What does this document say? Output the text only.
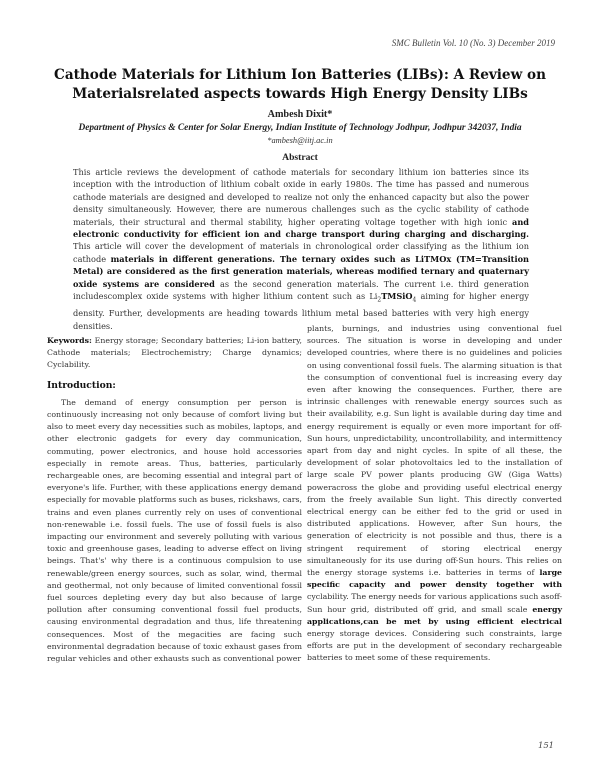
SMC Bulletin Vol. 10 (No. 3) December 2019
Cathode Materials for Lithium Ion Batteries (LIBs): A Review on
Materialsrelated aspects towards High Energy Density LIBs
Ambesh Dixit*
Department of Physics & Center for Solar Energy, Indian Institute of Technology Jodhpur, Jodhpur 342037, India
*ambesh@iitj.ac.in
Abstract
This article reviews the development of cathode materials for secondary lithium ion batteries since its inception with the introduction of lithium cobalt oxide in early 1980s. The time has passed and numerous cathode materials are designed and developed to realize not only the enhanced capacity but also the power density simultaneously. However, there are numerous challenges such as the cyclic stability of cathode materials, their structural and thermal stability, higher operating voltage together with high ionic and electronic conductivity for efficient ion and charge transport during charging and discharging. This article will cover the development of materials in chronological order classifying as the lithium ion cathode materials in different generations. The ternary oxides such as LiTMOx (TM=Transition Metal) are considered as the first generation materials, whereas modified ternary and quaternary oxide systems are considered as the second generation materials. The current i.e. third generation includescomplex oxide systems with higher lithium content such as $Li_2TMSiO_4$ aiming for higher energy density. Further, developments are heading towards lithium metal based batteries with very high energy densities.

Keywords: Energy storage; Secondary batteries; Li-ion battery, Cathode materials; Electrochemistry; Charge dynamics; Cyclability.

Introduction:

The demand of energy consumption per person is continuously increasing not only because of comfort living but also to meet every day necessities such as mobiles, laptops, and other electronic gadgets for every day communication, commuting, power electronics, and house hold accessories especially in remote areas. Thus, batteries, particularly rechargeable ones, are becoming essential and integral part of everyone's life. Further, with these applications energy demand especially for movable platforms such as buses, rickshaws, cars, trains and even planes currently rely on uses of conventional non-renewable i.e. fossil fuels. The use of fossil fuels is also impacting our environment and severely polluting with various toxic and greenhouse gases, leading to adverse effect on living beings. That's' why there is a continuous compulsion to use renewable/green energy sources, such as solar, wind, thermal and geothermal, not only because of limited conventional fossil fuel sources depleting every day but also because of large pollution after consuming conventional fossil fuel products, causing environmental degradation and thus, life threatening consequences. Most of the megacities are facing such environmental degradation because of toxic exhaust gases from regular vehicles and other exhausts such as conventional power

plants, burnings, and industries using conventional fuel sources. The situation is worse in developing and under developed countries, where there is no guidelines and policies on using conventional fossil fuels. The alarming situation is that the consumption of conventional fuel is increasing every day even after knowing the consequences. Further, there are intrinsic challenges with renewable energy sources such as their availability, e.g. Sun light is available during day time and energy requirement is equally or even more important for off-Sun hours, unpredictability, uncontrollability, and intermittency apart from day and night cycles. In spite of all these, the development of solar photovoltaics led to the installation of large scale PV power plants producing GW (Giga Watts) poweracross the globe and providing useful electrical energy from the freely available Sun light. This directly converted electrical energy can be either fed to the grid or used in distributed applications. However, after Sun hours, the generation of electricity is not possible and thus, there is a stringent requirement of storing electrical energy simultaneously for its use during off-Sun hours. This relies on the energy storage systems i.e. batteries in terms of large specific capacity and power density together with cyclability. The energy needs for various applications such asoff-Sun hour grid, distributed off grid, and small scale energy applications,can be met by using efficient electrical energy storage devices. Considering such constraints, large efforts are put in the development of secondary rechargeable batteries to meet some of these requirements.

151
